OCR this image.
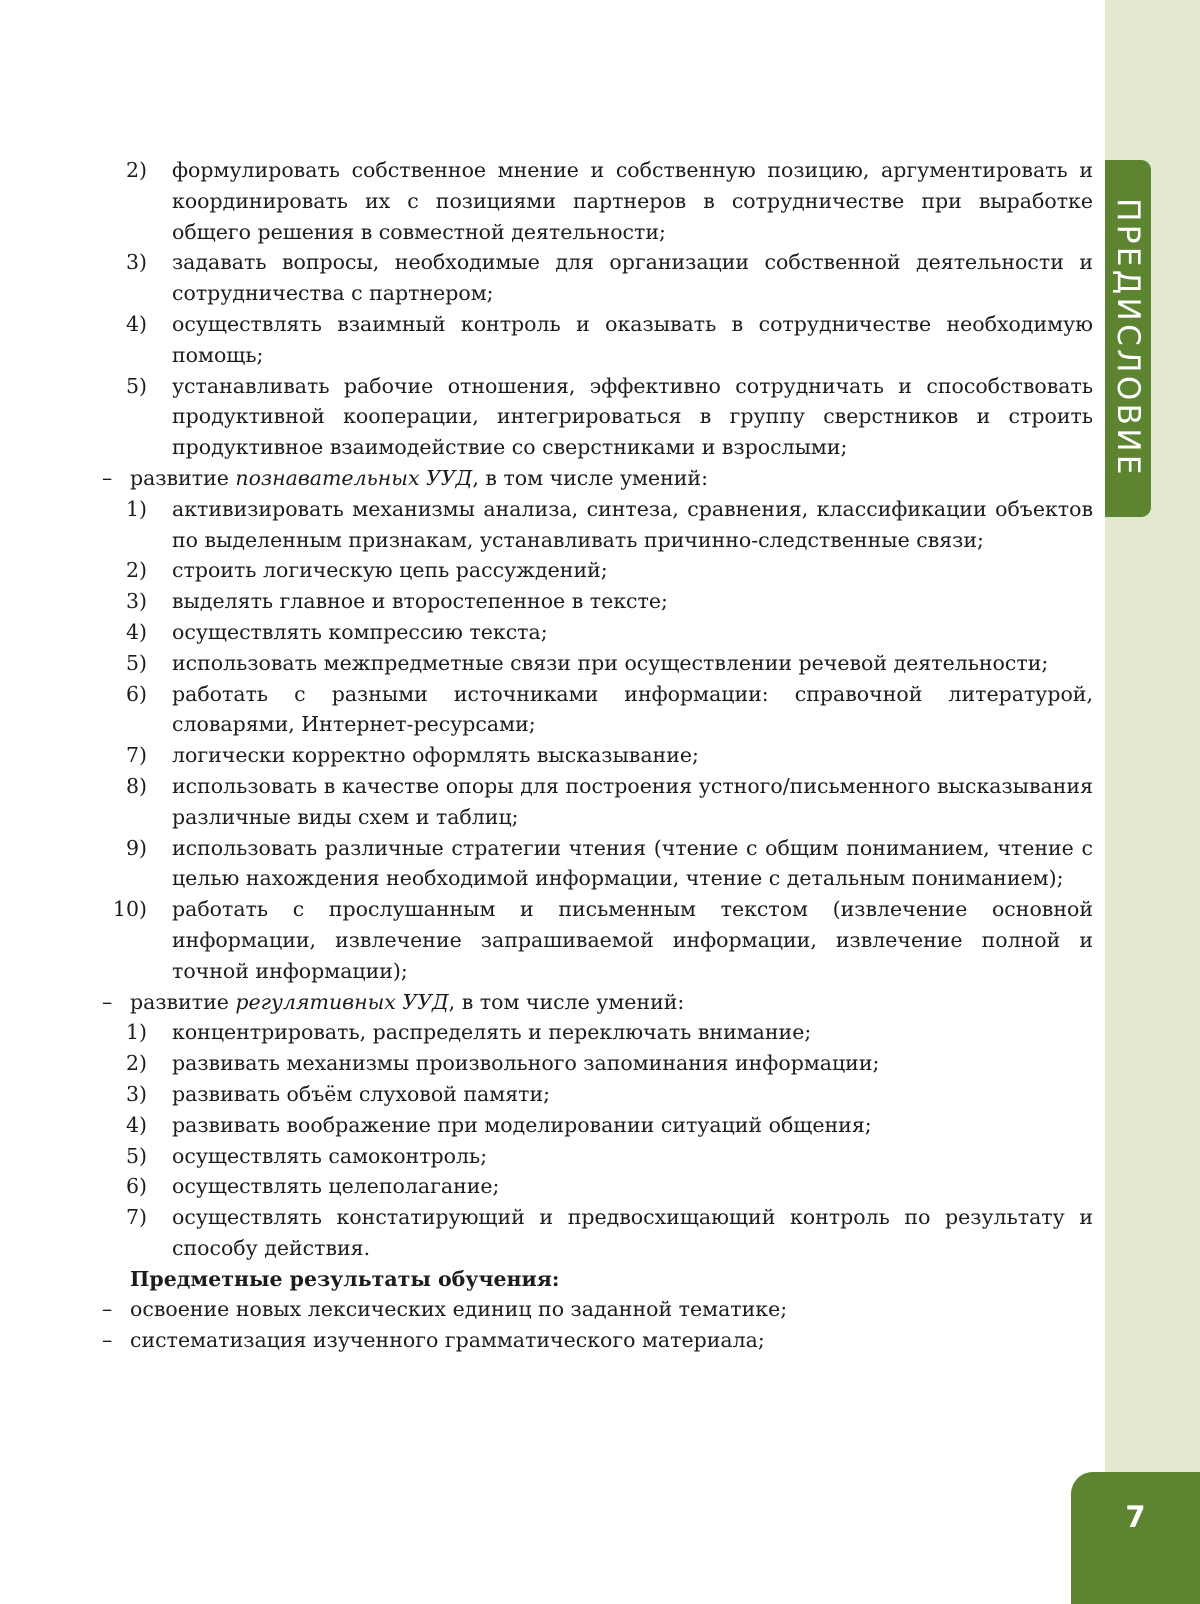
ПРЕДИСЛОВИЕ
7
2) формулировать собственное мнение и собственную позицию, аргументировать и координировать их с позициями партнеров в сотрудничестве при выработке общего решения в совместной деятельности;
3) задавать вопросы, необходимые для организации собственной деятельности и сотрудничества с партнером;
4) осуществлять взаимный контроль и оказывать в сотрудничестве необходимую помощь;
5) устанавливать рабочие отношения, эффективно сотрудничать и способствовать продуктивной кооперации, интегрироваться в группу сверстников и строить продуктивное взаимодействие со сверстниками и взрослыми;
– развитие познавательных УУД, в том числе умений:
1) активизировать механизмы анализа, синтеза, сравнения, классификации объектов по выделенным признакам, устанавливать причинно-следственные связи;
2) строить логическую цепь рассуждений;
3) выделять главное и второстепенное в тексте;
4) осуществлять компрессию текста;
5) использовать межпредметные связи при осуществлении речевой деятельности;
6) работать с разными источниками информации: справочной литературой, словарями, Интернет-ресурсами;
7) логически корректно оформлять высказывание;
8) использовать в качестве опоры для построения устного/письменного высказывания различные виды схем и таблиц;
9) использовать различные стратегии чтения (чтение с общим пониманием, чтение с целью нахождения необходимой информации, чтение с детальным пониманием);
10) работать с прослушанным и письменным текстом (извлечение основной информации, извлечение запрашиваемой информации, извлечение полной и точной информации);
– развитие регулятивных УУД, в том числе умений:
1) концентрировать, распределять и переключать внимание;
2) развивать механизмы произвольного запоминания информации;
3) развивать объём слуховой памяти;
4) развивать воображение при моделировании ситуаций общения;
5) осуществлять самоконтроль;
6) осуществлять целеполагание;
7) осуществлять констатирующий и предвосхищающий контроль по результату и способу действия.
Предметные результаты обучения:
– освоение новых лексических единиц по заданной тематике;
– систематизация изученного грамматического материала;
